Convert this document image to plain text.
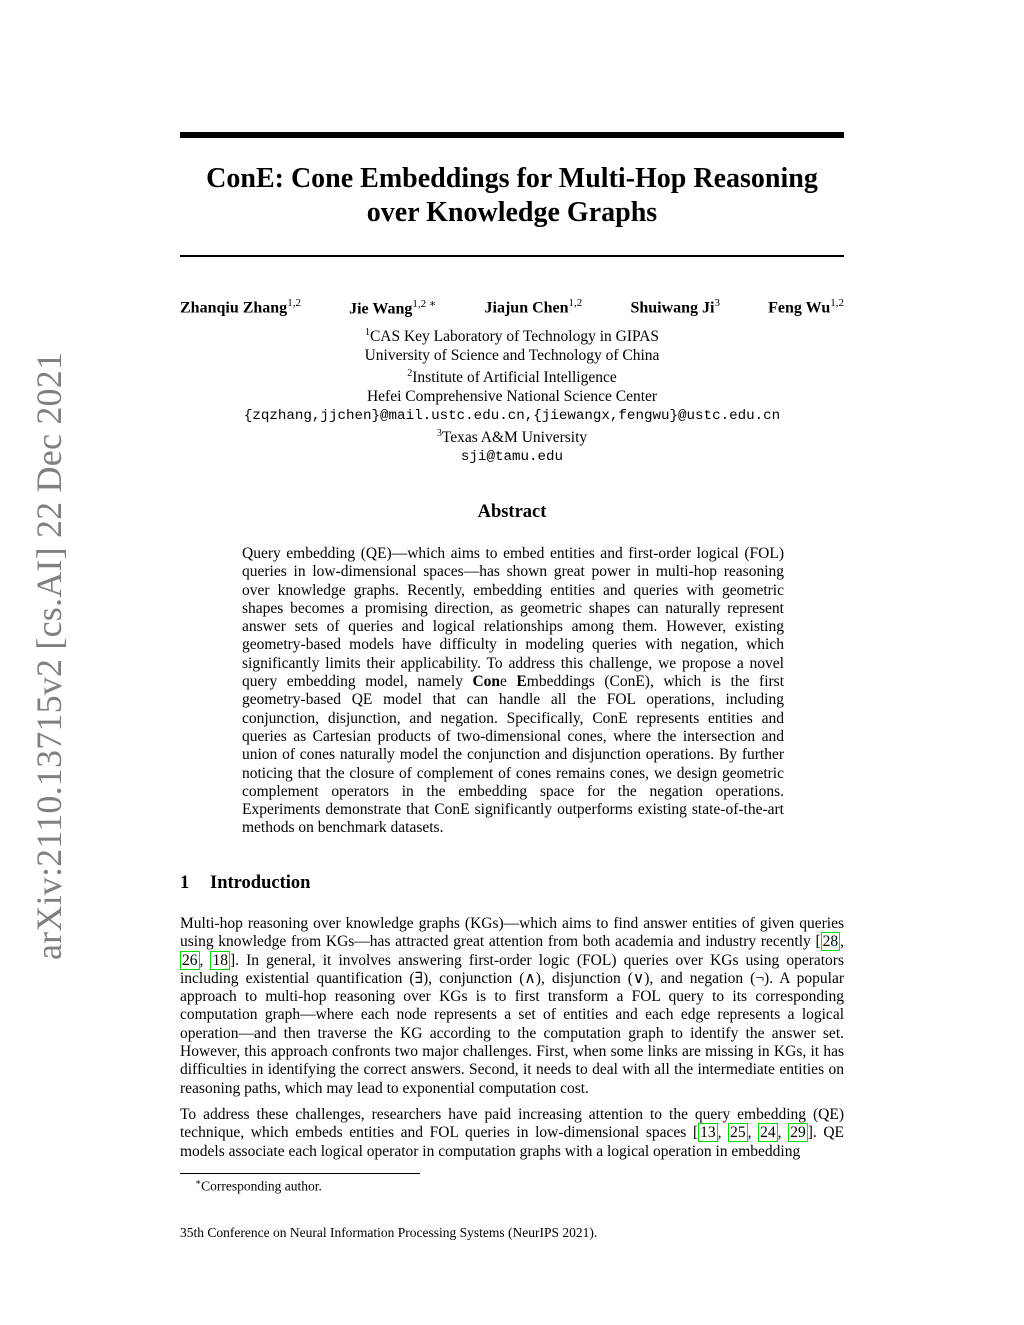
arXiv:2110.13715v2 [cs.AI] 22 Dec 2021
ConE: Cone Embeddings for Multi-Hop Reasoning
over Knowledge Graphs
Zhanqiu Zhang$^{1,2}$	Jie Wang$^{1,2 ∗}$	Jiajun Chen$^{1,2}$	Shuiwang Ji$^3$	Feng Wu$^{1,2}$
$^1$CAS Key Laboratory of Technology in GIPAS
University of Science and Technology of China
$^2$Institute of Artificial Intelligence
Hefei Comprehensive National Science Center
{zqzhang,jjchen}@mail.ustc.edu.cn,{jiewangx,fengwu}@ustc.edu.cn
$^3$Texas A&M University
sji@tamu.edu
Abstract
Query embedding (QE)—which aims to embed entities and first-order logical (FOL) queries in low-dimensional spaces—has shown great power in multi-hop reasoning over knowledge graphs. Recently, embedding entities and queries with geometric shapes becomes a promising direction, as geometric shapes can naturally represent answer sets of queries and logical relationships among them. However, existing geometry-based models have difficulty in modeling queries with negation, which significantly limits their applicability. To address this challenge, we propose a novel query embedding model, namely Cone Embeddings (ConE), which is the first geometry-based QE model that can handle all the FOL operations, including conjunction, disjunction, and negation. Specifically, ConE represents entities and queries as Cartesian products of two-dimensional cones, where the intersection and union of cones naturally model the conjunction and disjunction operations. By further noticing that the closure of complement of cones remains cones, we design geometric complement operators in the embedding space for the negation operations. Experiments demonstrate that ConE significantly outperforms existing state-of-the-art methods on benchmark datasets.
1 Introduction

Multi-hop reasoning over knowledge graphs (KGs)—which aims to find answer entities of given queries using knowledge from KGs—has attracted great attention from both academia and industry recently [ 28 , 26 , 18 ]. In general, it involves answering first-order logic (FOL) queries over KGs using operators including existential quantification (∃), conjunction (∧), disjunction (∨), and negation (¬). A popular approach to multi-hop reasoning over KGs is to first transform a FOL query to its corresponding computation graph—where each node represents a set of entities and each edge represents a logical operation—and then traverse the KG according to the computation graph to identify the answer set. However, this approach confronts two major challenges. First, when some links are missing in KGs, it has difficulties in identifying the correct answers. Second, it needs to deal with all the intermediate entities on reasoning paths, which may lead to exponential computation cost.

To address these challenges, researchers have paid increasing attention to the query embedding (QE) technique, which embeds entities and FOL queries in low-dimensional spaces [ 13 , 25 , 24 , 29 ]. QE models associate each logical operator in computation graphs with a logical operation in embedding

∗Corresponding author.
35th Conference on Neural Information Processing Systems (NeurIPS 2021).
